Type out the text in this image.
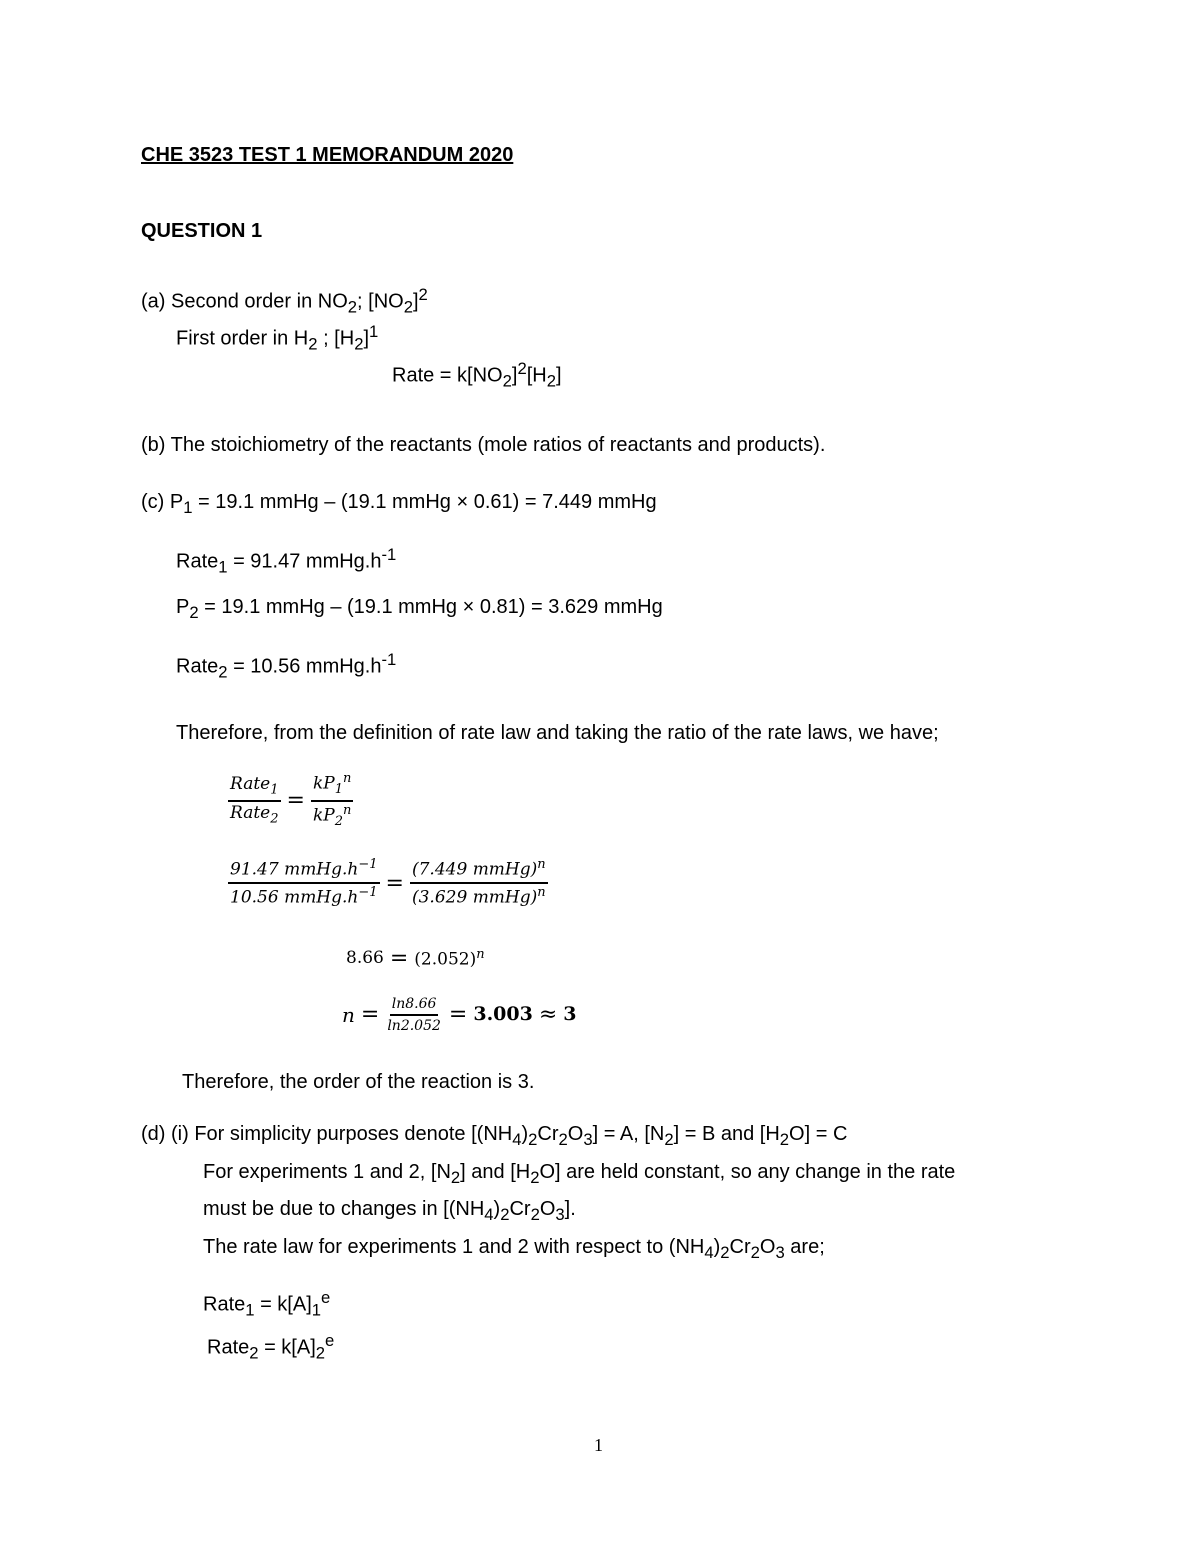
CHE 3523 TEST 1 MEMORANDUM 2020
QUESTION 1
(a) Second order in $NO_2$; $[NO_2]^2$
First order in $H_2$ ; $[H_2]^1$
Rate = $k[NO_2]^2[H_2]$
(b) The stoichiometry of the reactants (mole ratios of reactants and products).
(c) $P_1 = 19.1$ mmHg – (19.1 mmHg × 0.61) = 7.449 mmHg
Rate$_1$ = 91.47 $mmHg.h^{-1}$
$P_2 = 19.1$ mmHg – (19.1 mmHg × 0.81) = 3.629 mmHg
Rate$_2$ = 10.56 $mmHg.h^{-1}$
Therefore, from the definition of rate law and taking the ratio of the rate laws, we have;
$\frac{Rate_1}{Rate_2} = \frac{kP_1^n}{kP_2^n}$
$\frac{91.47 mmHg.h^{-1}}{10.56 mmHg.h^{-1}} = \frac{(7.449 mmHg)^n}{(3.629 mmHg)^n}$
$8.66 = (2.052)^n$
$n = \frac{\ln 8.66}{\ln 2.052} = 3.003 \approx 3$
Therefore, the order of the reaction is 3.
(d) (i) For simplicity purposes denote $[(NH_4)_2Cr_2O_3] = A$, $[N_2] = B$ and $[H_2O] = C$
For experiments 1 and 2, $[N_2]$ and $[H_2O]$ are held constant, so any change in the rate
must be due to changes in $[(NH_4)_2Cr_2O_3]$.
The rate law for experiments 1 and 2 with respect to $(NH_4)_2Cr_2O_3$ are;
Rate$_1$ = $k[A]_1^e$
Rate$_2$ = $k[A]_2^e$
1
